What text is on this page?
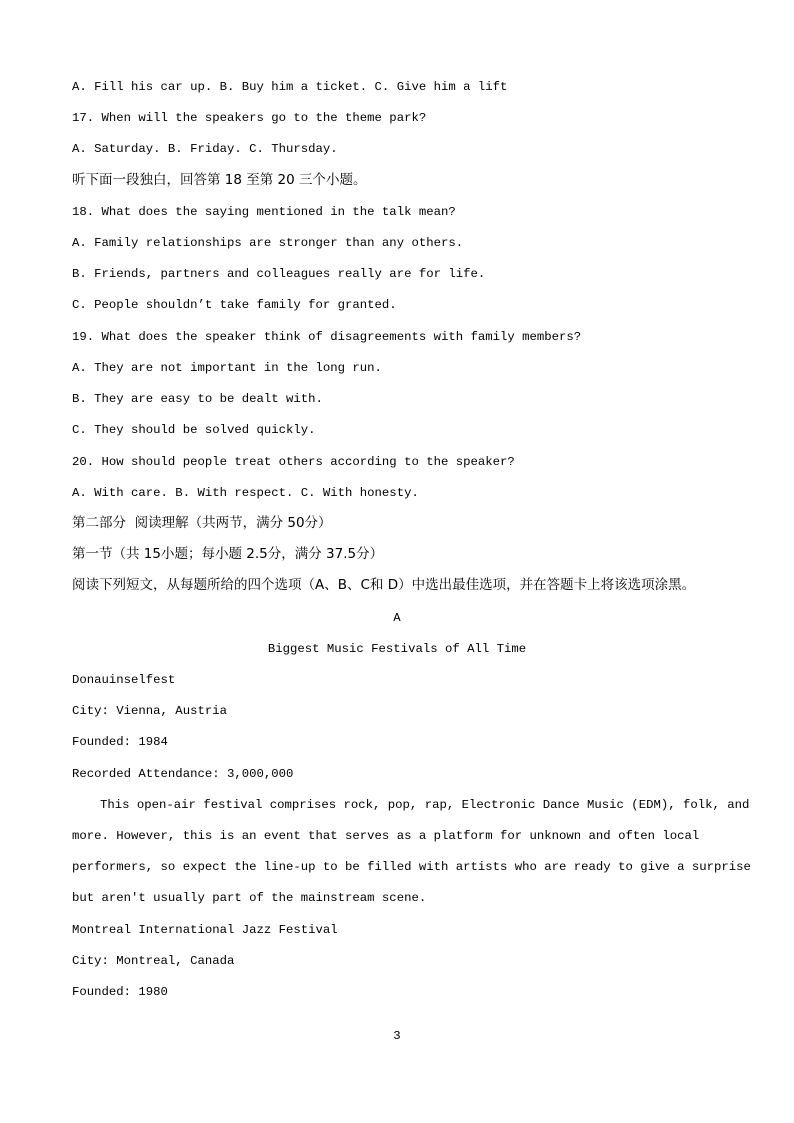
A. Fill his car up. B. Buy him a ticket. C. Give him a lift
17. When will the speakers go to the theme park?
A. Saturday. B. Friday. C. Thursday.
听下面一段独白，回答第 18 至第 20 三个小题。
18. What does the saying mentioned in the talk mean?
A. Family relationships are stronger than any others.
B. Friends, partners and colleagues really are for life.
C. People shouldn’t take family for granted.
19. What does the speaker think of disagreements with family members?
A. They are not important in the long run.
B. They are easy to be dealt with.
C. They should be solved quickly.
20. How should people treat others according to the speaker?
A. With care. B. With respect. C. With honesty.
第二部分  阅读理解（共两节，满分 50分）
第一节（共 15小题；每小题 2.5分，满分 37.5分）
阅读下列短文，从每题所给的四个选项（A、B、C和 D）中选出最佳选项，并在答题卡上将该选项涂黑。
A
Biggest Music Festivals of All Time
Donauinselfest
City: Vienna, Austria
Founded: 1984
Recorded Attendance: 3,000,000
This open-air festival comprises rock, pop, rap, Electronic Dance Music (EDM), folk, and
more. However, this is an event that serves as a platform for unknown and often local
performers, so expect the line-up to be filled with artists who are ready to give a surprise
but aren't usually part of the mainstream scene.
Montreal International Jazz Festival
City: Montreal, Canada
Founded: 1980
3
